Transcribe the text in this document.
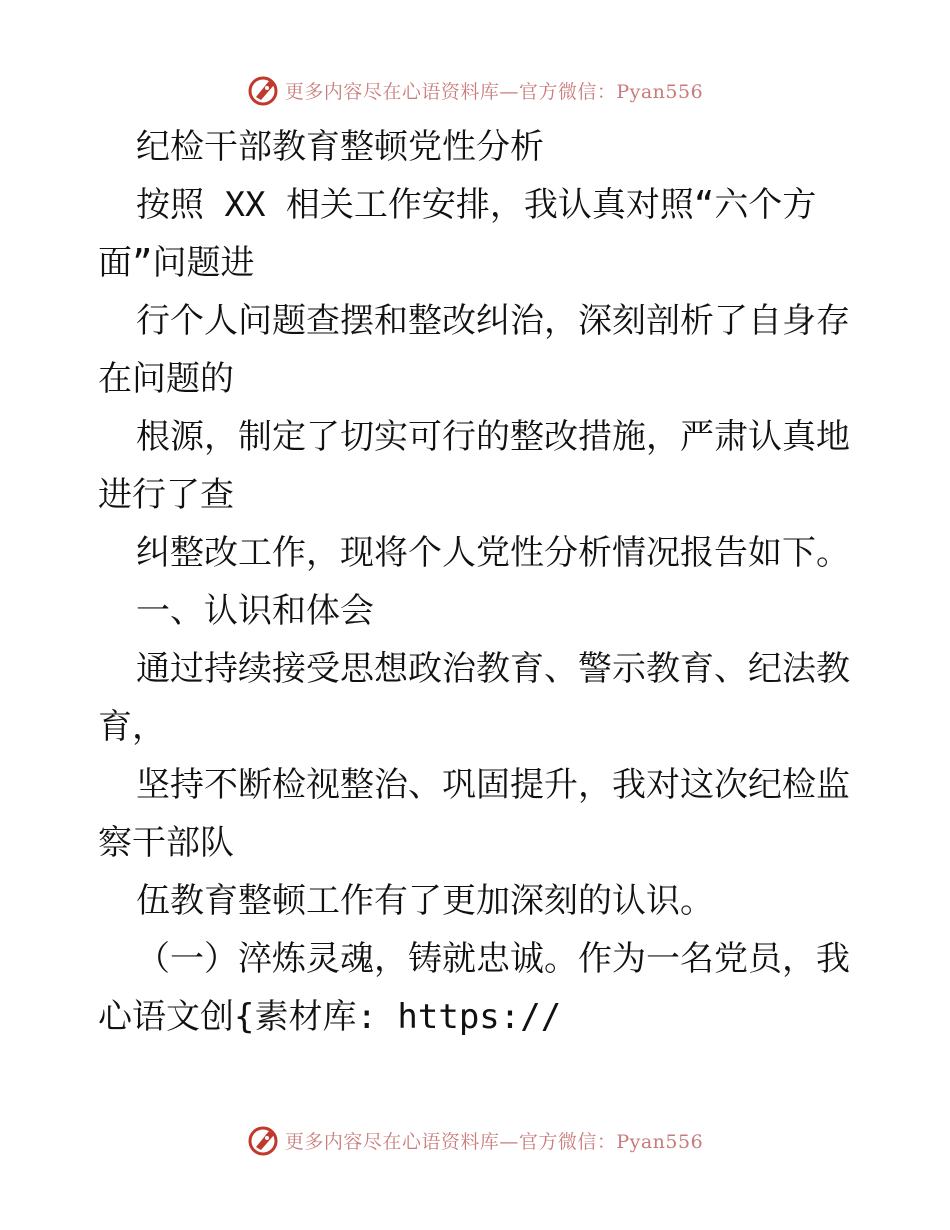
更多内容尽在心语资料库—官方微信：Pyan556
纪检干部教育整顿党性分析
按照 XX 相关工作安排，我认真对照“六个方
面”问题进
行个人问题查摆和整改纠治，深刻剖析了自身存
在问题的
根源，制定了切实可行的整改措施，严肃认真地
进行了查
纠整改工作，现将个人党性分析情况报告如下。
一、认识和体会
通过持续接受思想政治教育、警示教育、纪法教
育，
坚持不断检视整治、巩固提升，我对这次纪检监
察干部队
伍教育整顿工作有了更加深刻的认识。
（一）淬炼灵魂，铸就忠诚。作为一名党员，我
心语文创{素材库: https://
更多内容尽在心语资料库—官方微信：Pyan556
